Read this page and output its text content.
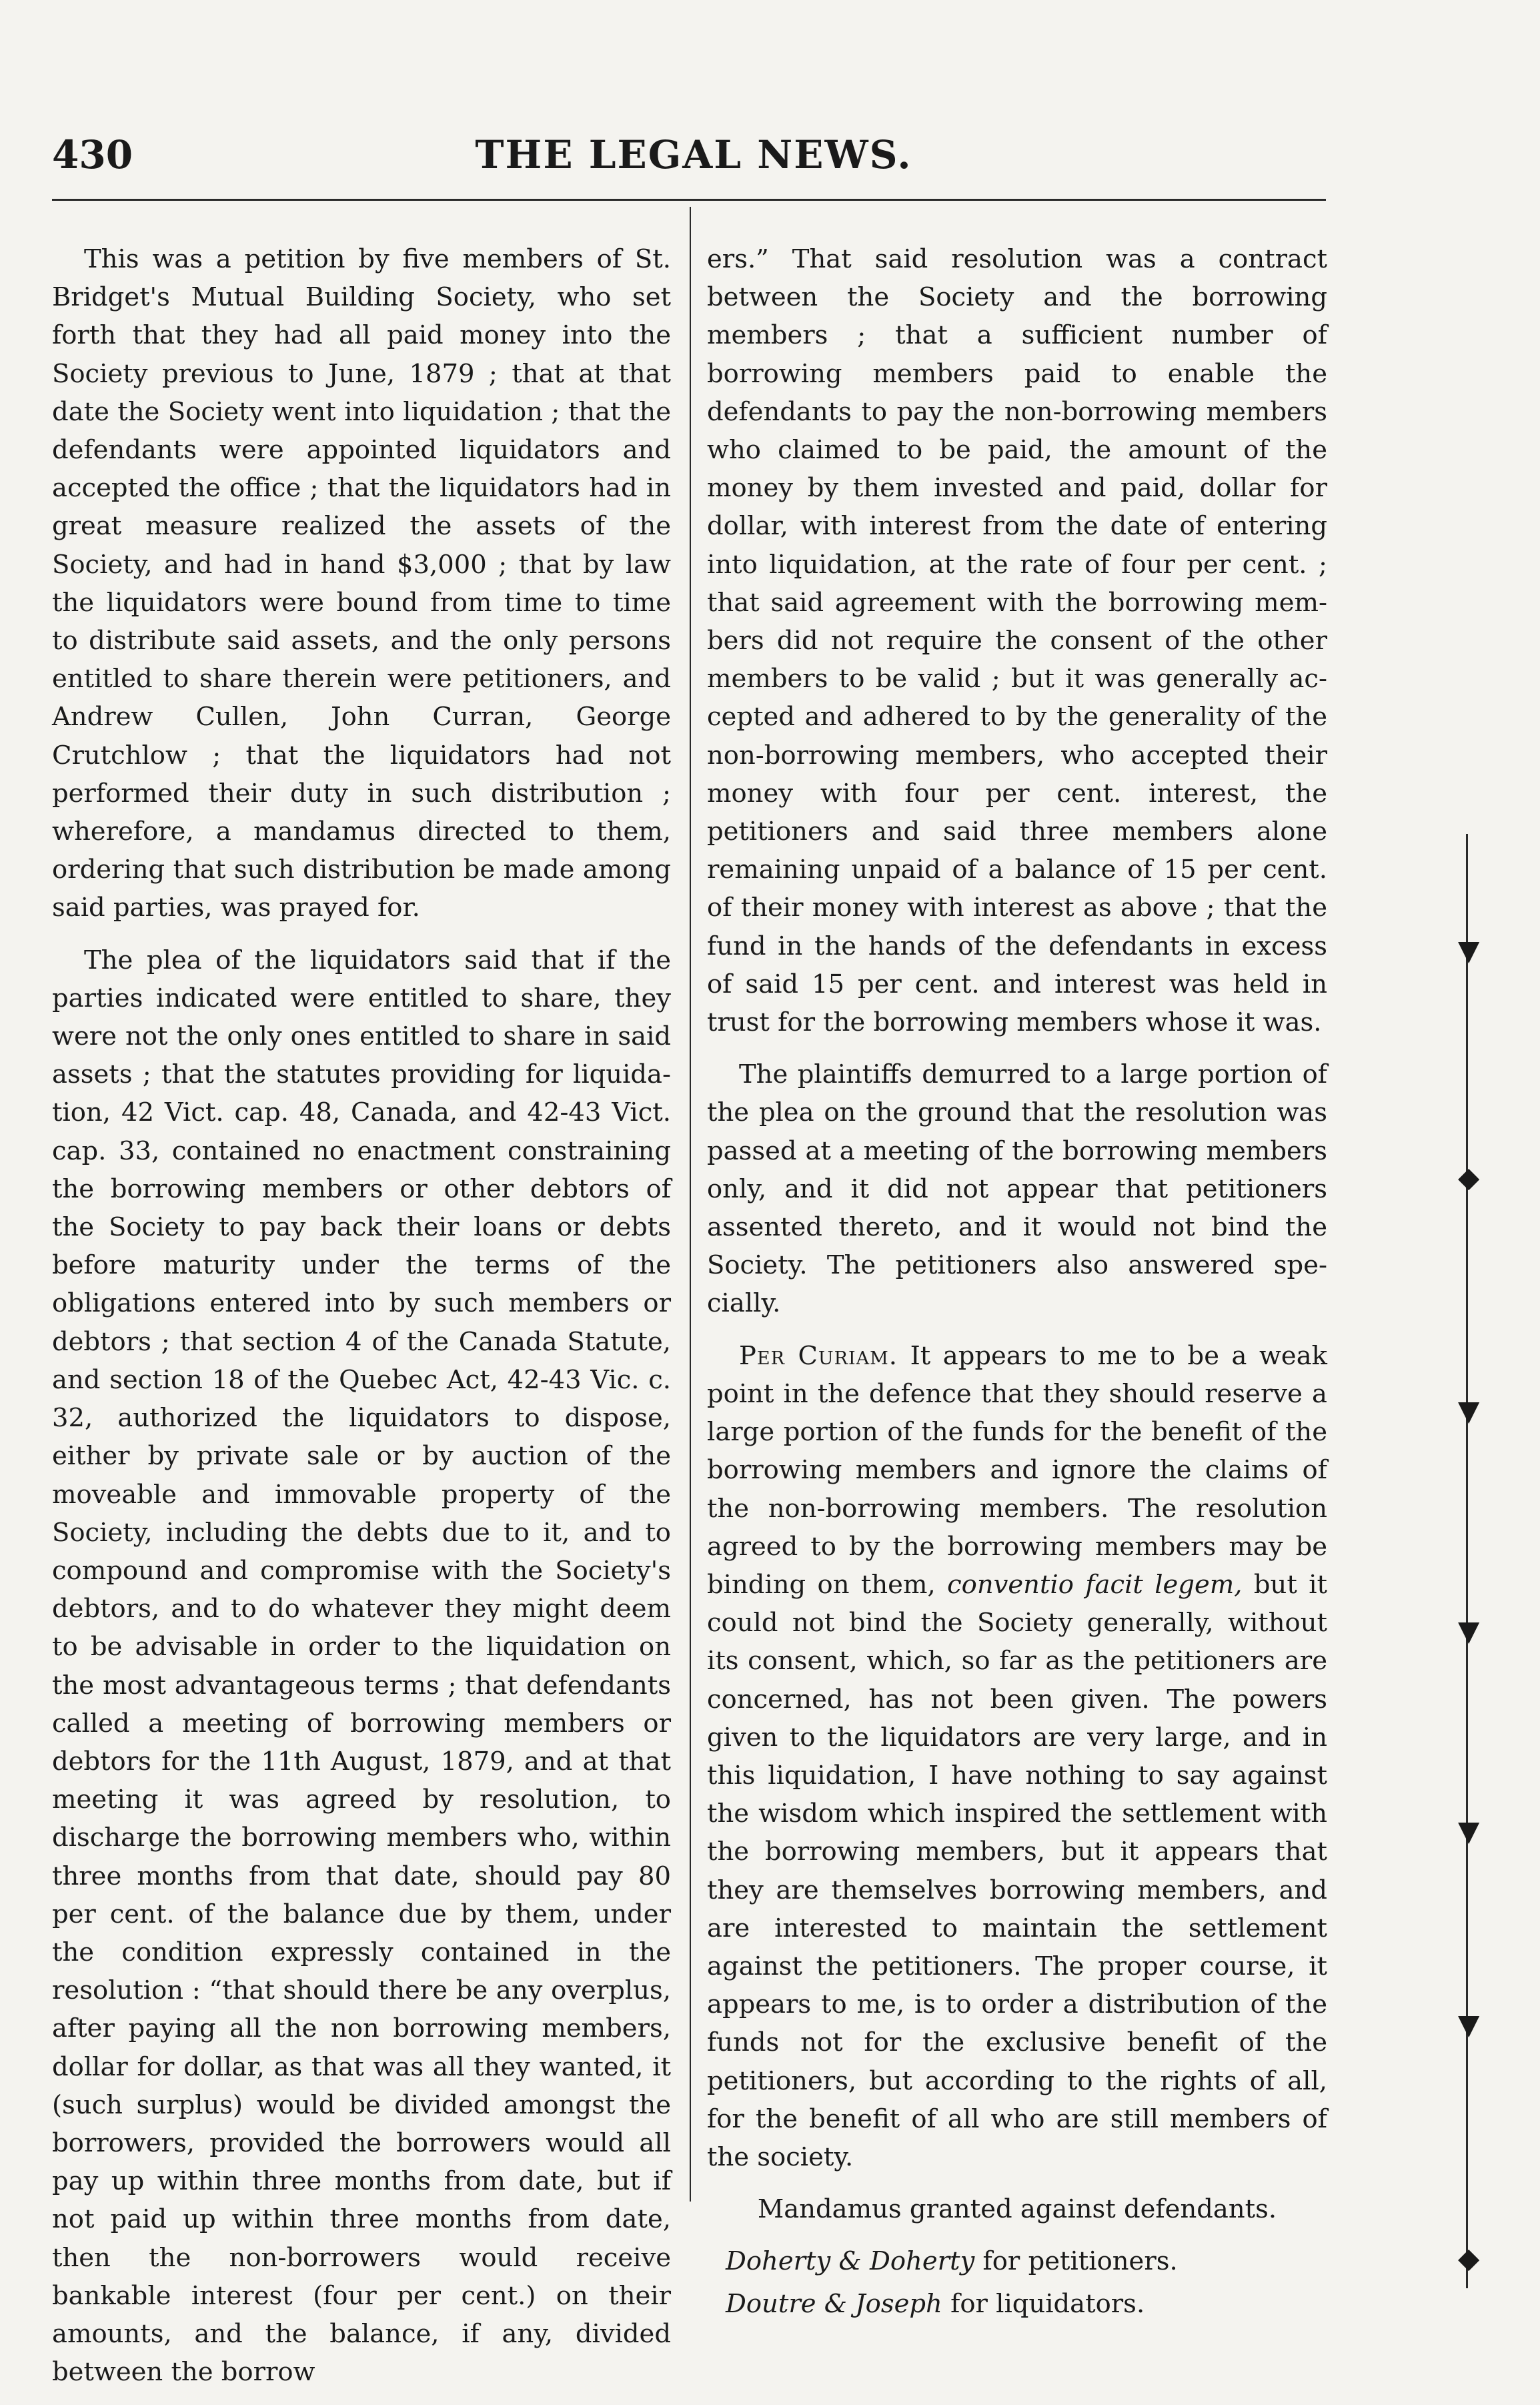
430	THE LEGAL NEWS.

This was a petition by five members of St. Bridget's Mutual Building Society, who set forth that they had all paid money into the Society previous to June, 1879 ; that at that date the Society went into liquidation ; that the defendants were appointed liquidators and accepted the office ; that the liquidators had in great measure realized the assets of the Society, and had in hand $3,000 ; that by law the liquidators were bound from time to time to distribute said assets, and the only persons entitled to share therein were petitioners, and Andrew Cullen, John Curran, George Crutchlow ; that the liquidators had not performed their duty in such distribution ; wherefore, a mandamus directed to them, ordering that such distribution be made among said parties, was prayed for.

The plea of the liquidators said that if the parties indicated were entitled to share, they were not the only ones entitled to share in said assets ; that the statutes providing for liquidation, 42 Vict. cap. 48, Canada, and 42-43 Vict. cap. 33, contained no enactment constraining the borrowing members or other debtors of the Society to pay back their loans or debts before maturity under the terms of the obligations entered into by such members or debtors ; that section 4 of the Canada Statute, and section 18 of the Quebec Act, 42-43 Vic. c. 32, authorized the liquidators to dispose, either by private sale or by auction of the moveable and immovable property of the Society, including the debts due to it, and to compound and compromise with the Society's debtors, and to do whatever they might deem to be advisable in order to the liquidation on the most advantageous terms ; that defendants called a meeting of borrowing members or debtors for the 11th August, 1879, and at that meeting it was agreed by resolution, to discharge the borrowing members who, within three months from that date, should pay 80 per cent. of the balance due by them, under the condition expressly contained in the resolution : “that should there be any overplus, after paying all the non borrowing members, dollar for dollar, as that was all they wanted, it (such surplus) would be divided amongst the borrowers, provided the borrowers would all pay up within three months from date, but if not paid up within three months from date, then the non-borrowers would receive bankable interest (four per cent.) on their amounts, and the balance, if any, divided between the borrow

ers.” That said resolution was a contract between the Society and the borrowing members ; that a sufficient number of borrowing members paid to enable the defendants to pay the non-borrowing members who claimed to be paid, the amount of the money by them invested and paid, dollar for dollar, with interest from the date of entering into liquidation, at the rate of four per cent. ; that said agreement with the borrowing members did not require the consent of the other members to be valid ; but it was generally accepted and adhered to by the generality of the non-borrowing members, who accepted their money with four per cent. interest, the petitioners and said three members alone remaining unpaid of a balance of 15 per cent. of their money with interest as above ; that the fund in the hands of the defendants in excess of said 15 per cent. and interest was held in trust for the borrowing members whose it was.

The plaintiffs demurred to a large portion of the plea on the ground that the resolution was passed at a meeting of the borrowing members only, and it did not appear that petitioners assented thereto, and it would not bind the Society. The petitioners also answered specially.

Per Curiam. It appears to me to be a weak point in the defence that they should reserve a large portion of the funds for the benefit of the borrowing members and ignore the claims of the non-borrowing members. The resolution agreed to by the borrowing members may be binding on them, conventio facit legem, but it could not bind the Society generally, without its consent, which, so far as the petitioners are concerned, has not been given. The powers given to the liquidators are very large, and in this liquidation, I have nothing to say against the wisdom which inspired the settlement with the borrowing members, but it appears that they are themselves borrowing members, and are interested to maintain the settlement against the petitioners. The proper course, it appears to me, is to order a distribution of the funds not for the exclusive benefit of the petitioners, but according to the rights of all, for the benefit of all who are still members of the society.

Mandamus granted against defendants.

Doherty & Doherty for petitioners.

Doutre & Joseph for liquidators.

▼
◆
▼
▼
▼
▼
◆
